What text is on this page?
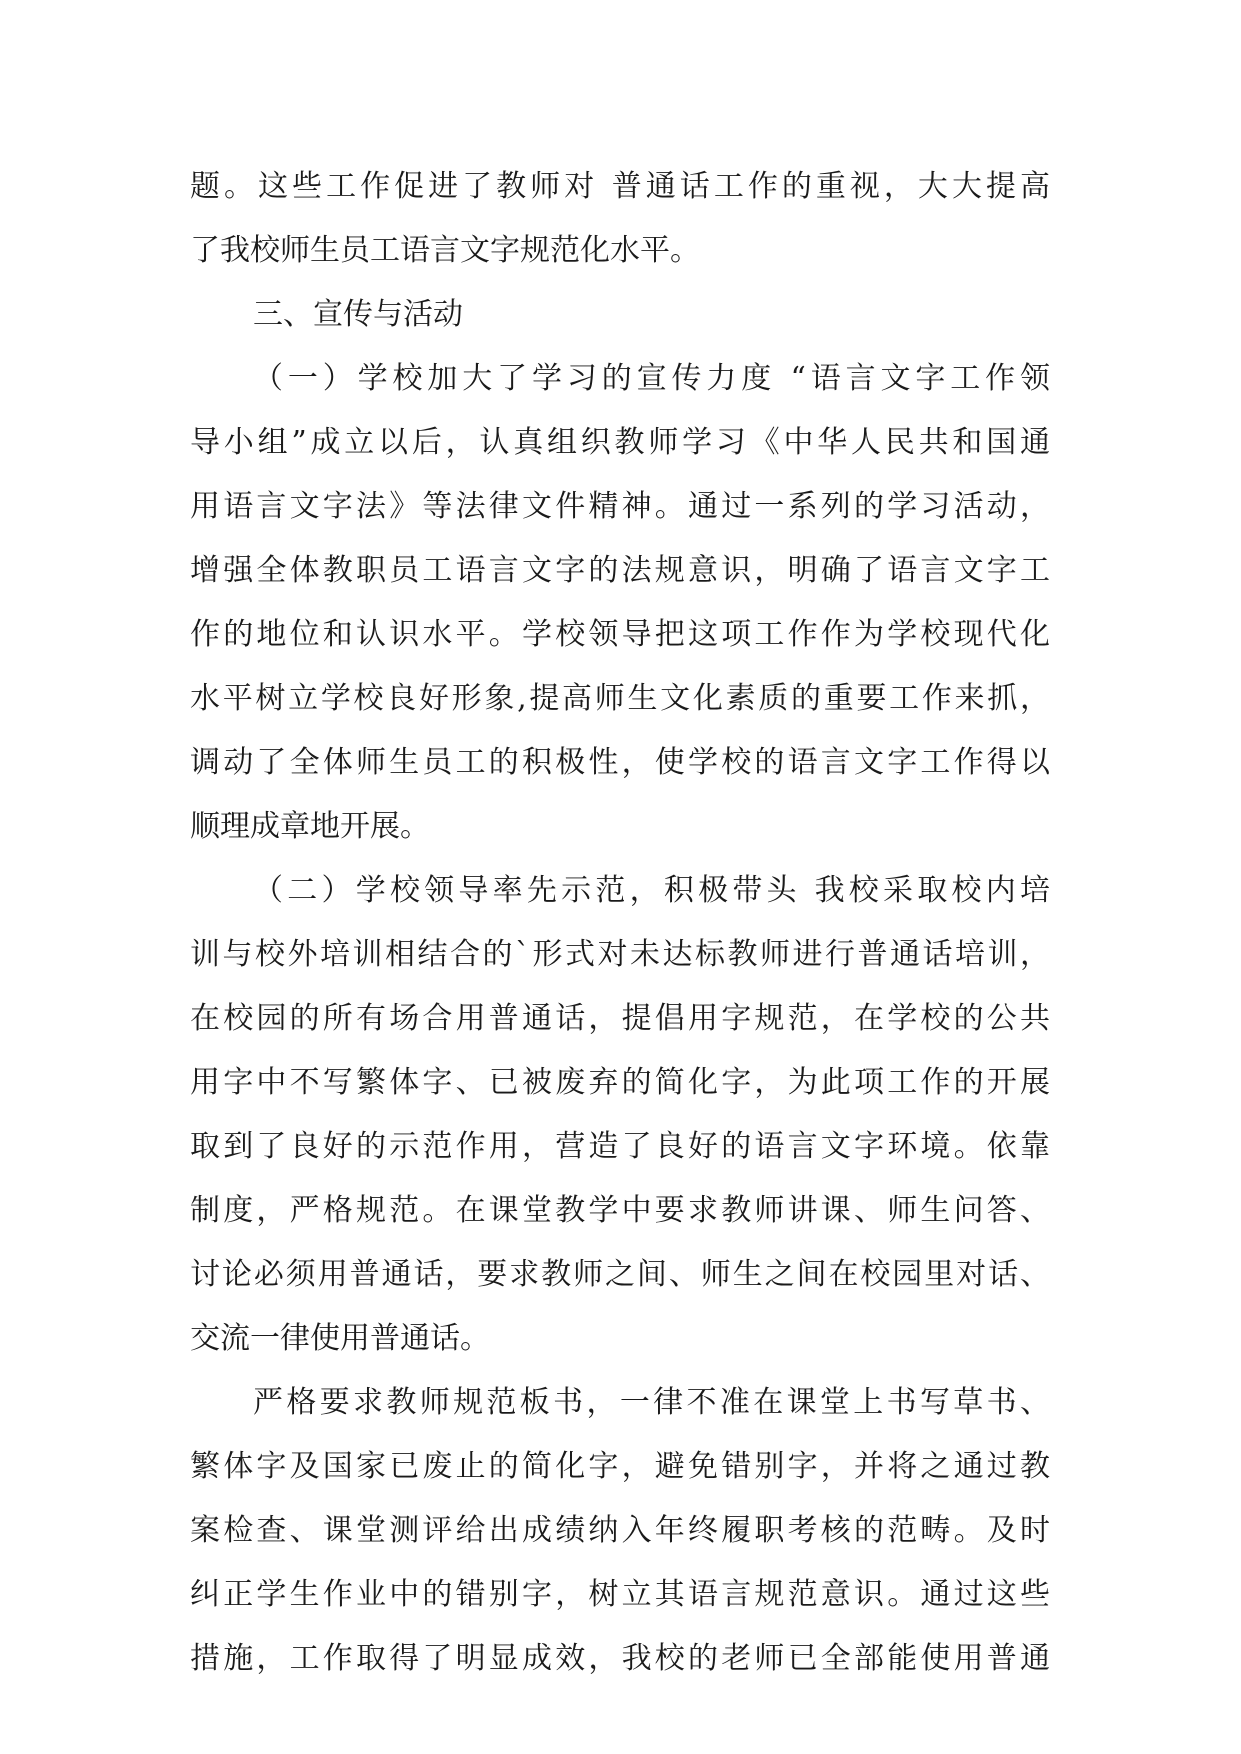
题。这些工作促进了教师对 普通话工作的重视，大大提高
了我校师生员工语言文字规范化水平。
三、宣传与活动
（一）学校加大了学习的宣传力度 “语言文字工作领
导小组”成立以后，认真组织教师学习《中华人民共和国通
用语言文字法》等法律文件精神。通过一系列的学习活动，
增强全体教职员工语言文字的法规意识，明确了语言文字工
作的地位和认识水平。学校领导把这项工作作为学校现代化
水平树立学校良好形象,提高师生文化素质的重要工作来抓，
调动了全体师生员工的积极性，使学校的语言文字工作得以
顺理成章地开展。
（二）学校领导率先示范，积极带头 我校采取校内培
训与校外培训相结合的`形式对未达标教师进行普通话培训，
在校园的所有场合用普通话，提倡用字规范，在学校的公共
用字中不写繁体字、已被废弃的简化字，为此项工作的开展
取到了良好的示范作用，营造了良好的语言文字环境。依靠
制度，严格规范。在课堂教学中要求教师讲课、师生问答、
讨论必须用普通话，要求教师之间、师生之间在校园里对话、
交流一律使用普通话。
严格要求教师规范板书，一律不准在课堂上书写草书、
繁体字及国家已废止的简化字，避免错别字，并将之通过教
案检查、课堂测评给出成绩纳入年终履职考核的范畴。及时
纠正学生作业中的错别字，树立其语言规范意识。通过这些
措施，工作取得了明显成效，我校的老师已全部能使用普通
